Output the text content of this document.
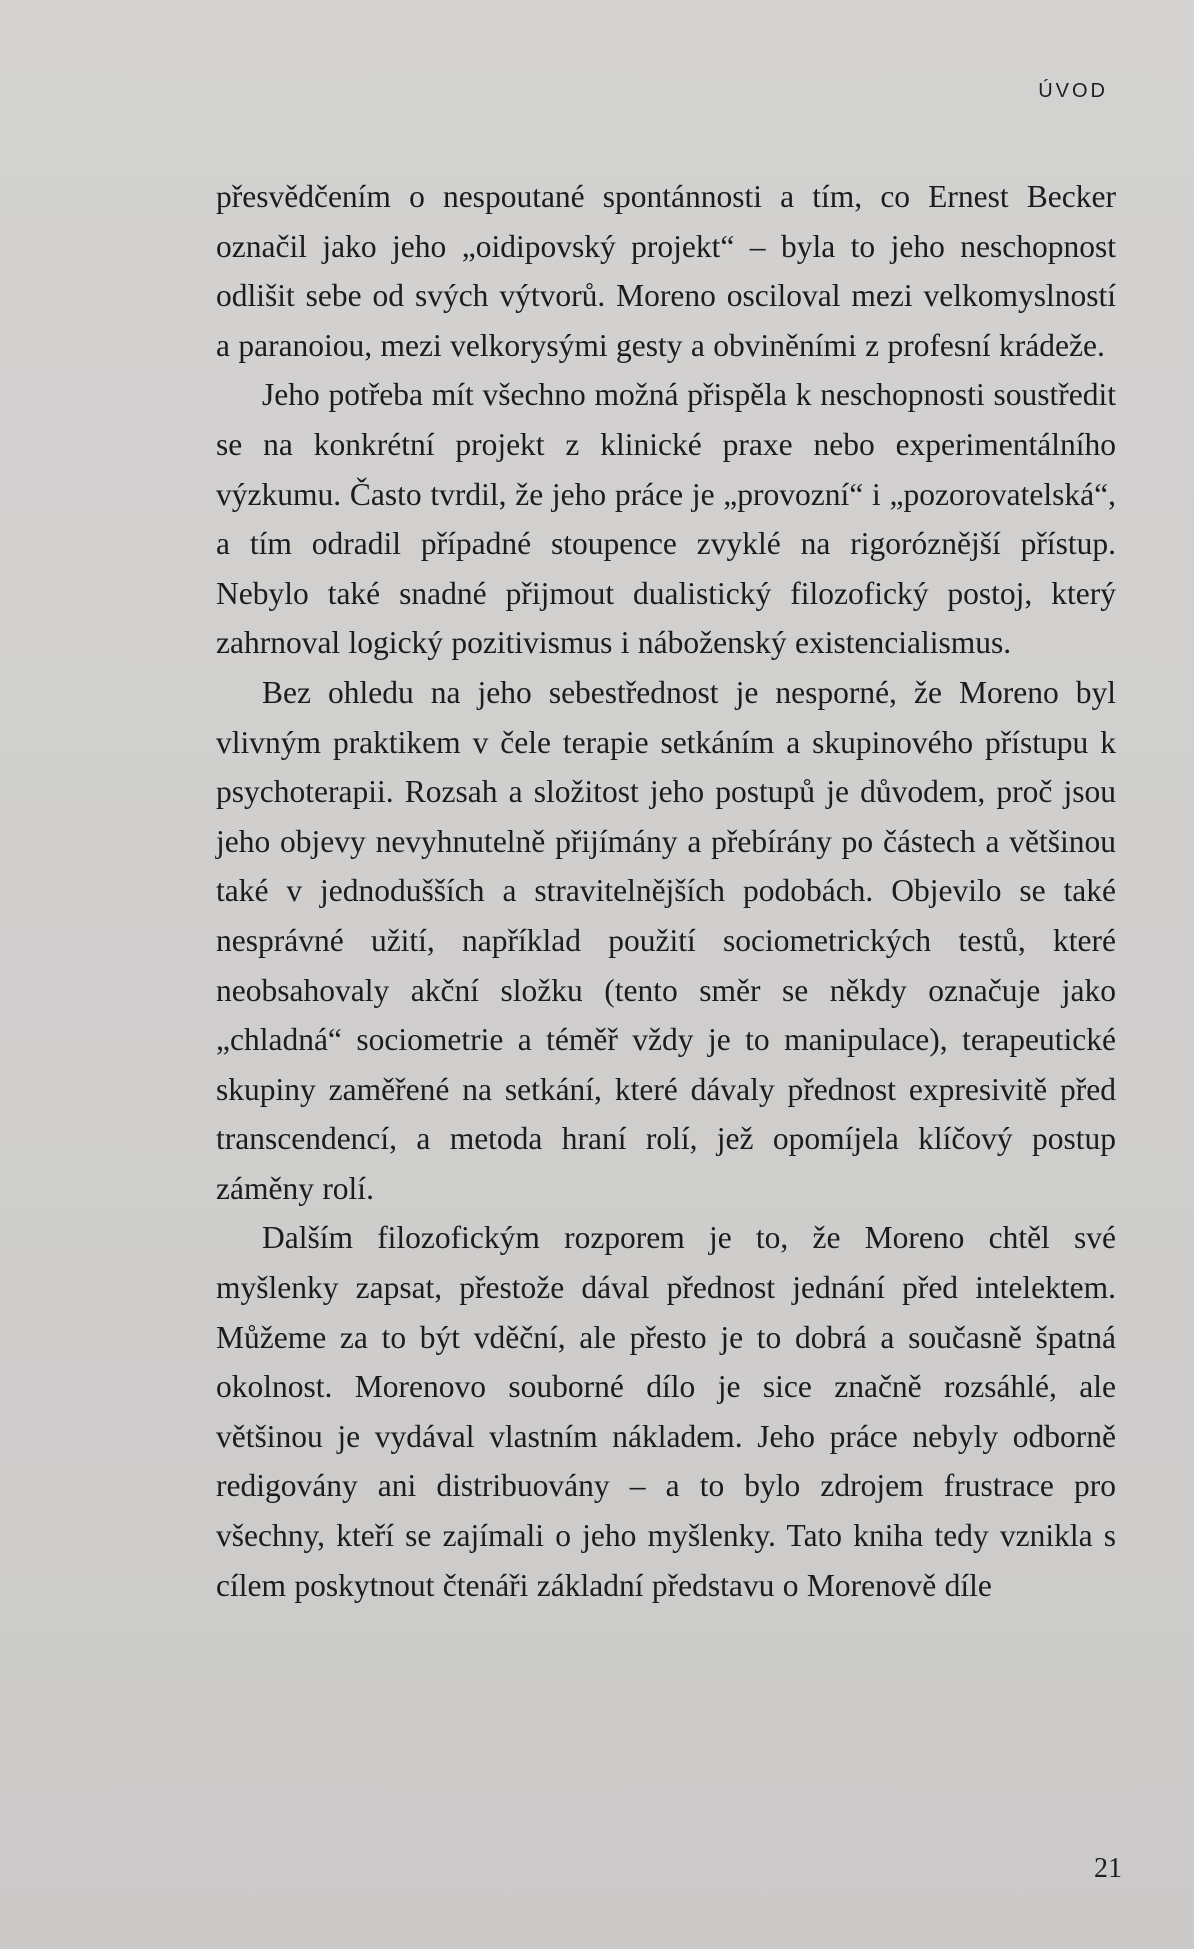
ÚVOD

přesvědčením o nespoutané spontánnosti a tím, co Ernest Becker označil jako jeho „oidipovský projekt“ – byla to jeho neschopnost odlišit sebe od svých výtvorů. Moreno osciloval mezi velkomyslností a paranoiou, mezi velkorysými gesty a obviněními z profesní krádeže.

Jeho potřeba mít všechno možná přispěla k neschopnosti soustředit se na konkrétní projekt z klinické praxe nebo experimentálního výzkumu. Často tvrdil, že jeho práce je „provozní“ i „pozorovatelská“, a tím odradil případné stoupence zvyklé na rigoróznější přístup. Nebylo také snadné přijmout dualistický filozofický postoj, který zahrnoval logický pozitivismus i náboženský existencialismus.

Bez ohledu na jeho sebestřednost je nesporné, že Moreno byl vlivným praktikem v čele terapie setkáním a skupinového přístupu k psychoterapii. Rozsah a složitost jeho postupů je důvodem, proč jsou jeho objevy nevyhnutelně přijímány a přebírány po částech a většinou také v jednodušších a stravitelnějších podobách. Objevilo se také nesprávné užití, například použití sociometrických testů, které neobsahovaly akční složku (tento směr se někdy označuje jako „chladná“ sociometrie a téměř vždy je to manipulace), terapeutické skupiny zaměřené na setkání, které dávaly přednost expresivitě před transcendencí, a metoda hraní rolí, jež opomíjela klíčový postup záměny rolí.

Dalším filozofickým rozporem je to, že Moreno chtěl své myšlenky zapsat, přestože dával přednost jednání před intelektem. Můžeme za to být vděční, ale přesto je to dobrá a současně špatná okolnost. Morenovo souborné dílo je sice značně rozsáhlé, ale většinou je vydával vlastním nákladem. Jeho práce nebyly odborně redigovány ani distribuovány – a to bylo zdrojem frustrace pro všechny, kteří se zajímali o jeho myšlenky. Tato kniha tedy vznikla s cílem poskytnout čtenáři základní představu o Morenově díle

21
